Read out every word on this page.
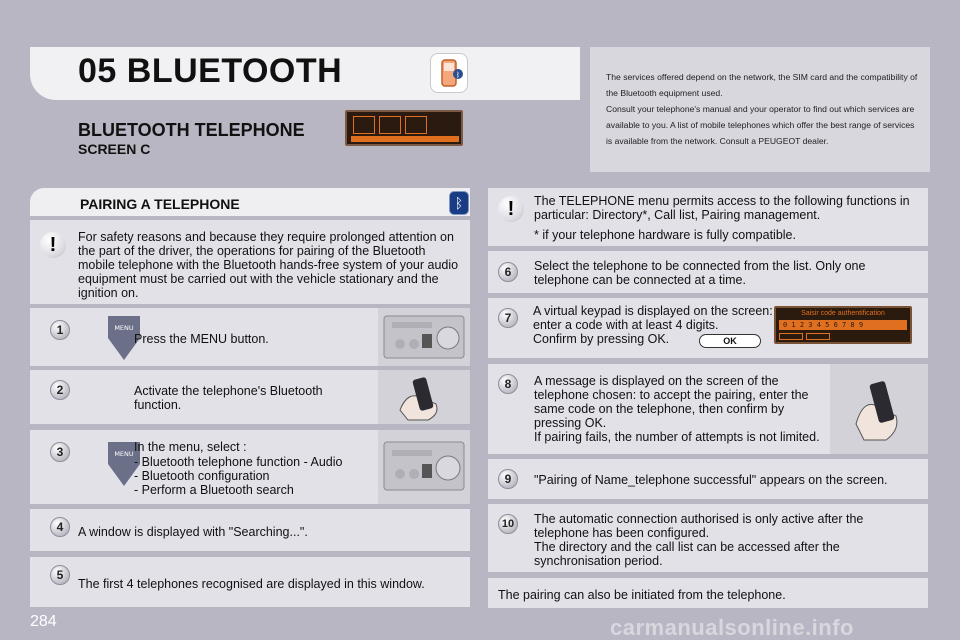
05 BLUETOOTH	ᛒ
BLUETOOTH TELEPHONE
SCREEN C
The services offered depend on the network, the SIM card and the compatibility of the Bluetooth equipment used.
Consult your telephone's manual and your operator to find out which services are available to you. A list of mobile telephones which offer the best range of services is available from the network. Consult a PEUGEOT dealer.
PAIRING A TELEPHONE	ᛒ
!	For safety reasons and because they require prolonged attention on the part of the driver, the operations for pairing of the Bluetooth mobile telephone with the Bluetooth hands-free system of your audio equipment must be carried out with the vehicle stationary and the ignition on.
1	MENU
Press the MENU button.
2	Activate the telephone's Bluetooth function.
3	MENU In the menu, select :
- Bluetooth telephone function - Audio
- Bluetooth configuration
- Perform a Bluetooth search
4	A window is displayed with "Searching...".
5
The first 4 telephones recognised are displayed in this window.
!	The TELEPHONE menu permits access to the following functions in particular: Directory*, Call list, Pairing management.
* if your telephone hardware is fully compatible.
6	Select the telephone to be connected from the list. Only one telephone can be connected at a time.
7	A virtual keypad is displayed on the screen: enter a code with at least 4 digits.
Confirm by pressing OK.	OK
Saisir code authentification
0 1 2 3 4 5 6 7 8 9
8	A message is displayed on the screen of the telephone chosen: to accept the pairing, enter the same code on the telephone, then confirm by pressing OK.
If pairing fails, the number of attempts is not limited.
9	"Pairing of Name_telephone successful" appears on the screen.
10	The automatic connection authorised is only active after the telephone has been configured.
The directory and the call list can be accessed after the synchronisation period.
The pairing can also be initiated from the telephone.
284	carmanualsonline.info
